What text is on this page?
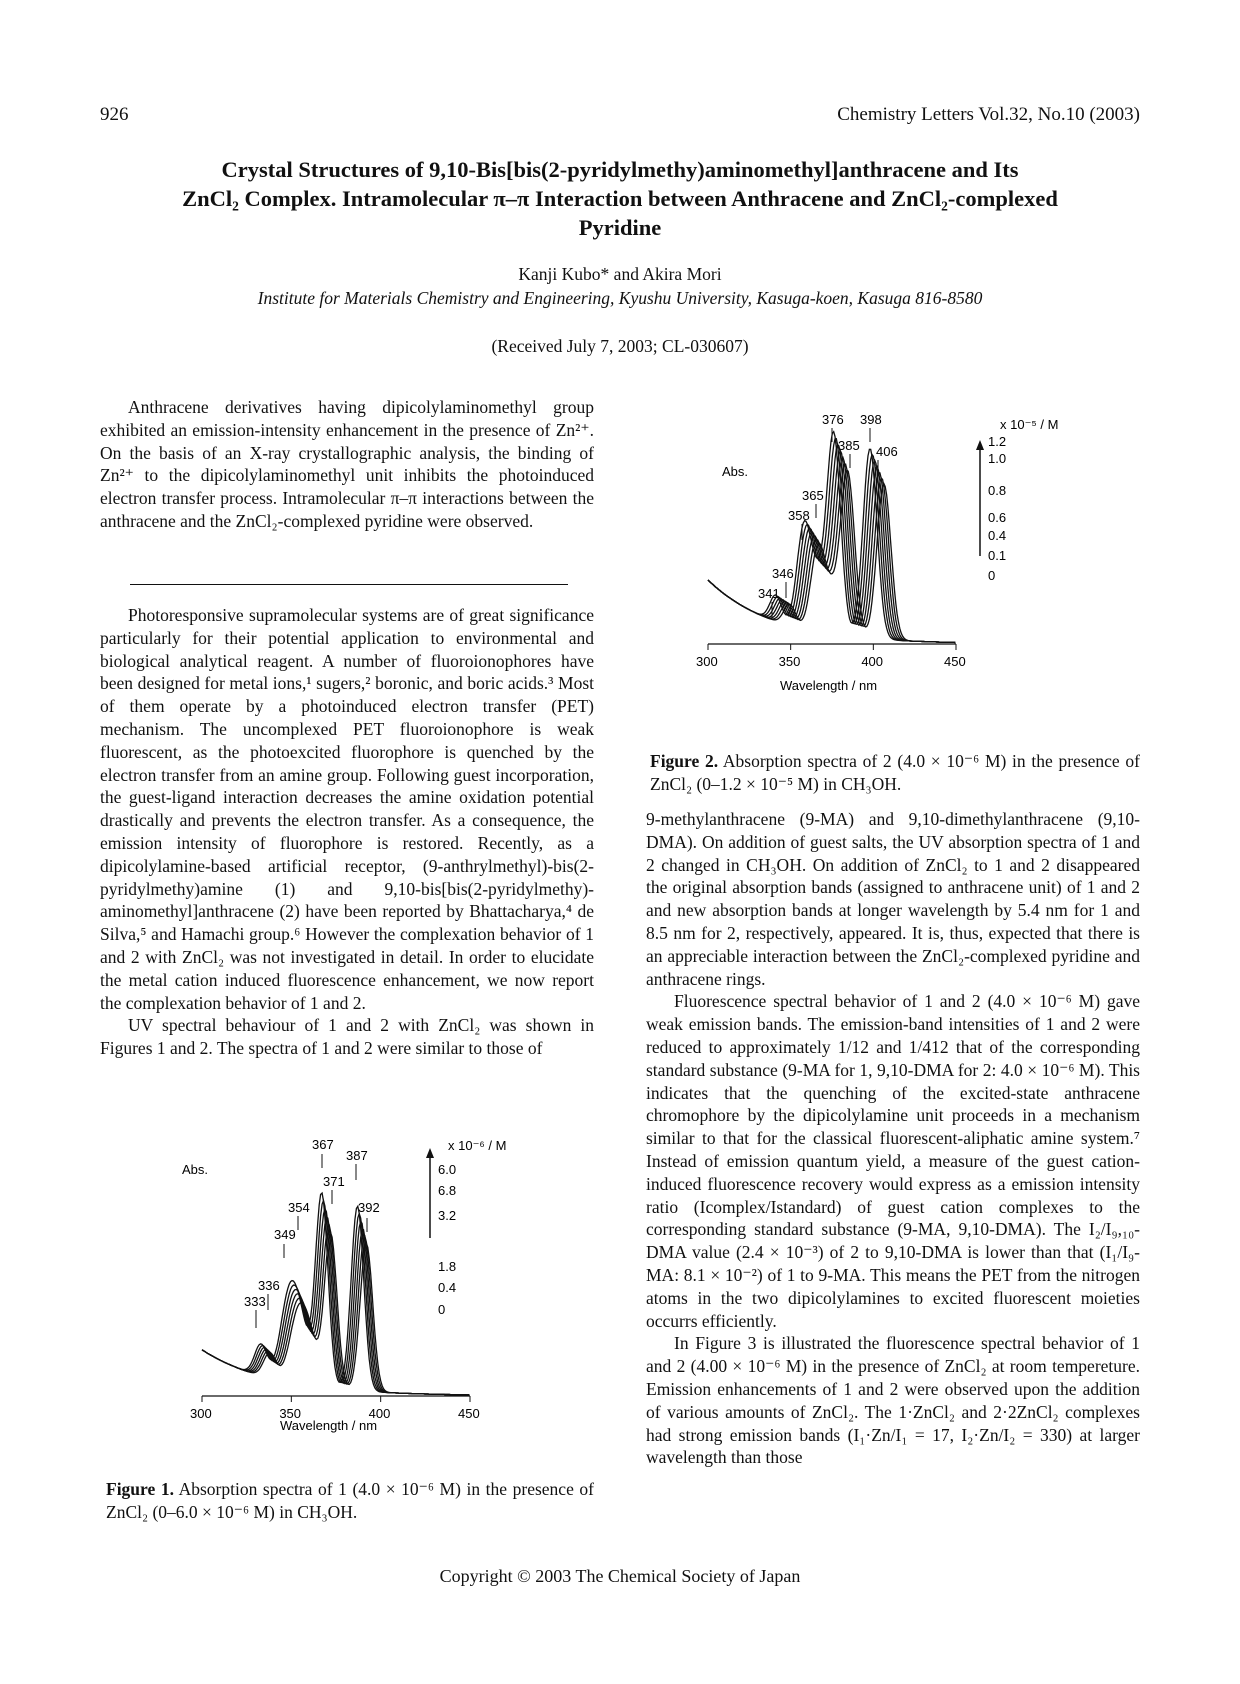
926	Chemistry Letters Vol.32, No.10 (2003)
Crystal Structures of 9,10-Bis[bis(2-pyridylmethy)aminomethyl]anthracene and Its
ZnCl₂ Complex. Intramolecular π–π Interaction between Anthracene and ZnCl₂-complexed
Pyridine
Kanji Kubo* and Akira Mori
Institute for Materials Chemistry and Engineering, Kyushu University, Kasuga-koen, Kasuga 816-8580
(Received July 7, 2003; CL-030607)

Anthracene derivatives having dipicolylaminomethyl group exhibited an emission-intensity enhancement in the presence of Zn²⁺. On the basis of an X-ray crystallographic analysis, the binding of Zn²⁺ to the dipicolylaminomethyl unit inhibits the photoinduced electron transfer process. Intramolecular π–π interactions between the anthracene and the ZnCl₂-complexed pyridine were observed.

Photoresponsive supramolecular systems are of great significance particularly for their potential application to environmental and biological analytical reagent. A number of fluoroionophores have been designed for metal ions,¹ sugers,² boronic, and boric acids.³ Most of them operate by a photoinduced electron transfer (PET) mechanism. The uncomplexed PET fluoroionophore is weak fluorescent, as the photoexcited fluorophore is quenched by the electron transfer from an amine group. Following guest incorporation, the guest-ligand interaction decreases the amine oxidation potential drastically and prevents the electron transfer. As a consequence, the emission intensity of fluorophore is restored. Recently, as a dipicolylamine-based artificial receptor, (9-anthrylmethyl)-bis(2-pyridylmethy)amine (1) and 9,10-bis[bis(2-pyridylmethy)-aminomethyl]anthracene (2) have been reported by Bhattacharya,⁴ de Silva,⁵ and Hamachi group.⁶ However the complexation behavior of 1 and 2 with ZnCl₂ was not investigated in detail. In order to elucidate the metal cation induced fluorescence enhancement, we now report the complexation behavior of 1 and 2.

UV spectral behaviour of 1 and 2 with ZnCl₂ was shown in Figures 1 and 2. The spectra of 1 and 2 were similar to those of

Abs.
x 10⁻⁶ / M
6.0
6.8
3.2
1.8
0.4
0
367
387
371
354	392
349
336
333
300	350	400	450
Wavelength / nm
Figure 1. Absorption spectra of 1 (4.0 × 10⁻⁶ M) in the presence of ZnCl₂ (0–6.0 × 10⁻⁶ M) in CH₃OH.
Abs.
x 10⁻⁵ / M
1.2
1.0
0.8
0.6
0.4
0.1
0
376 398
385 406
365
358
346
341
300	350	400	450
Wavelength / nm
Figure 2. Absorption spectra of 2 (4.0 × 10⁻⁶ M) in the presence of ZnCl₂ (0–1.2 × 10⁻⁵ M) in CH₃OH.

9-methylanthracene (9-MA) and 9,10-dimethylanthracene (9,10-DMA). On addition of guest salts, the UV absorption spectra of 1 and 2 changed in CH₃OH. On addition of ZnCl₂ to 1 and 2 disappeared the original absorption bands (assigned to anthracene unit) of 1 and 2 and new absorption bands at longer wavelength by 5.4 nm for 1 and 8.5 nm for 2, respectively, appeared. It is, thus, expected that there is an appreciable interaction between the ZnCl₂-complexed pyridine and anthracene rings.

Fluorescence spectral behavior of 1 and 2 (4.0 × 10⁻⁶ M) gave weak emission bands. The emission-band intensities of 1 and 2 were reduced to approximately 1/12 and 1/412 that of the corresponding standard substance (9-MA for 1, 9,10-DMA for 2: 4.0 × 10⁻⁶ M). This indicates that the quenching of the excited-state anthracene chromophore by the dipicolylamine unit proceeds in a mechanism similar to that for the classical fluorescent-aliphatic amine system.⁷ Instead of emission quantum yield, a measure of the guest cation-induced fluorescence recovery would express as a emission intensity ratio (Icomplex/Istandard) of guest cation complexes to the corresponding standard substance (9-MA, 9,10-DMA). The I₂/I₉,₁₀-DMA value (2.4 × 10⁻³) of 2 to 9,10-DMA is lower than that (I₁/I₉-MA: 8.1 × 10⁻²) of 1 to 9-MA. This means the PET from the nitrogen atoms in the two dipicolylamines to excited fluorescent moieties occurrs efficiently.

In Figure 3 is illustrated the fluorescence spectral behavior of 1 and 2 (4.00 × 10⁻⁶ M) in the presence of ZnCl₂ at room tempereture. Emission enhancements of 1 and 2 were observed upon the addition of various amounts of ZnCl₂. The 1·ZnCl₂ and 2·2ZnCl₂ complexes had strong emission bands (I₁·Zn/I₁ = 17, I₂·Zn/I₂ = 330) at larger wavelength than those

Copyright © 2003 The Chemical Society of Japan
